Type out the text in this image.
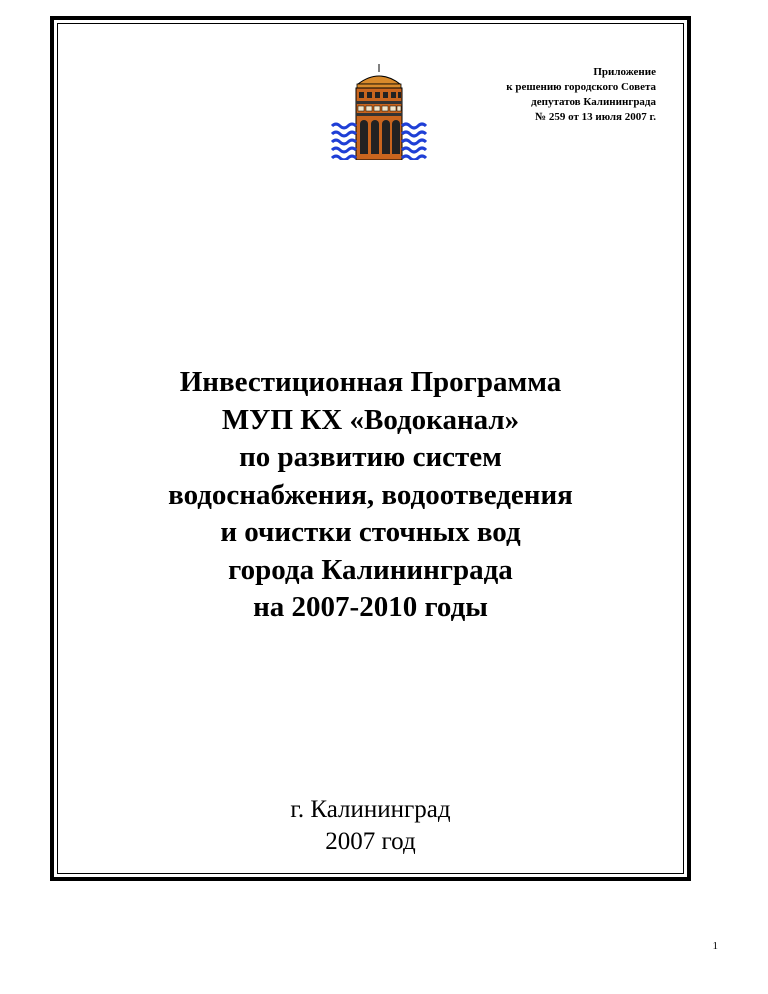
Приложение
к решению городского Совета
депутатов Калининграда
№ 259 от 13 июля 2007 г.
Инвестиционная Программа
МУП КХ «Водоканал»
по развитию систем
водоснабжения, водоотведения
и очистки сточных вод
города Калининграда
на 2007-2010 годы
г. Калининград
2007 год
1
